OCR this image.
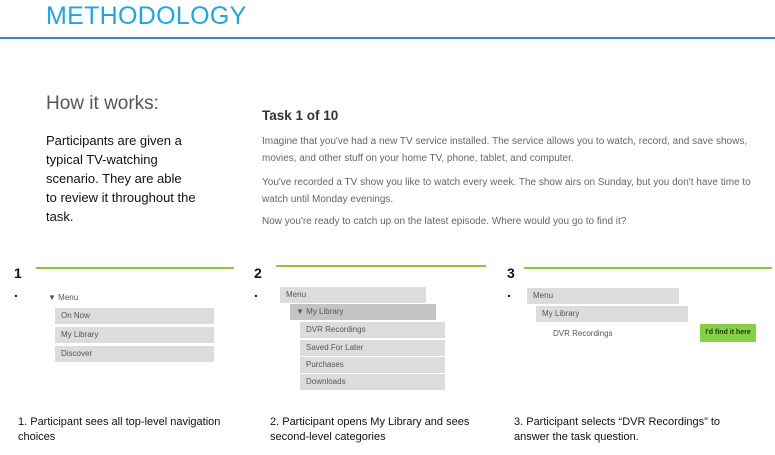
METHODOLOGY
How it works:
Participants are given a typical TV-watching scenario. They are able to review it throughout the task.
Task 1 of 10
Imagine that you've had a new TV service installed. The service allows you to watch, record, and save shows, movies, and other stuff on your home TV, phone, tablet, and computer.
You've recorded a TV show you like to watch every week. The show airs on Sunday, but you don't have time to watch until Monday evenings.
Now you're ready to catch up on the latest episode. Where would you go to find it?
1
.	▼ Menu
On Now
My Library
Discover
1. Participant sees all top-level navigation choices
2
.	Menu
▼ My Library
DVR Recordings
Saved For Later
Purchases
Downloads
2. Participant opens My Library and sees second-level categories
3
.	Menu
My Library
DVR Recordings	I'd find it here
3. Participant selects “DVR Recordings” to answer the task question.
